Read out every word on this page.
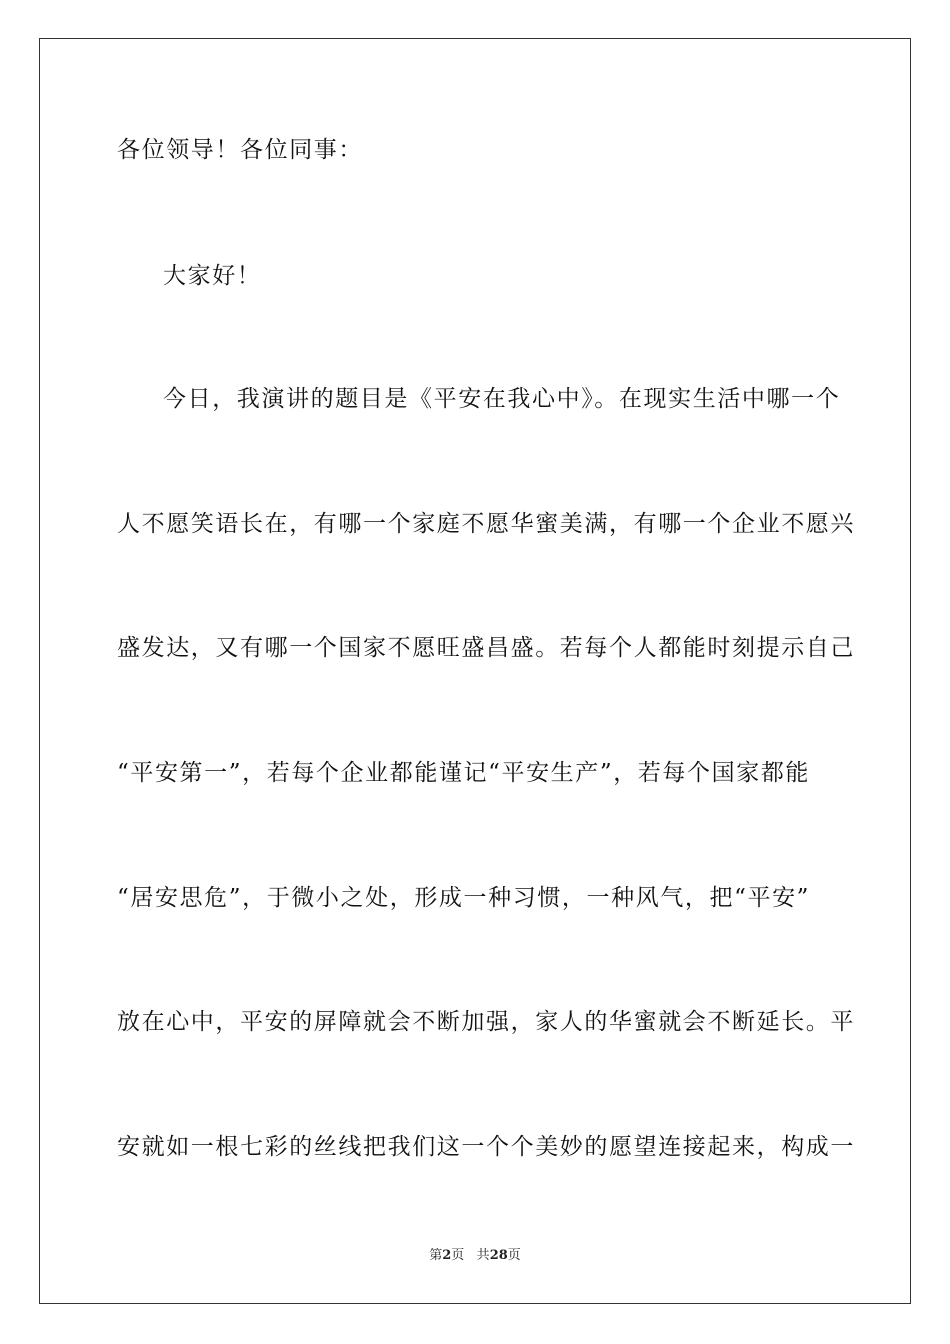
各位领导！各位同事：
大家好！
今日，我演讲的题目是《平安在我心中》。在现实生活中哪一个
人不愿笑语长在，有哪一个家庭不愿华蜜美满，有哪一个企业不愿兴
盛发达，又有哪一个国家不愿旺盛昌盛。若每个人都能时刻提示自己
“平安第一”，若每个企业都能谨记“平安生产”，若每个国家都能
“居安思危”，于微小之处，形成一种习惯，一种风气，把“平安”
放在心中，平安的屏障就会不断加强，家人的华蜜就会不断延长。平
安就如一根七彩的丝线把我们这一个个美妙的愿望连接起来，构成一
第2页 共28页
